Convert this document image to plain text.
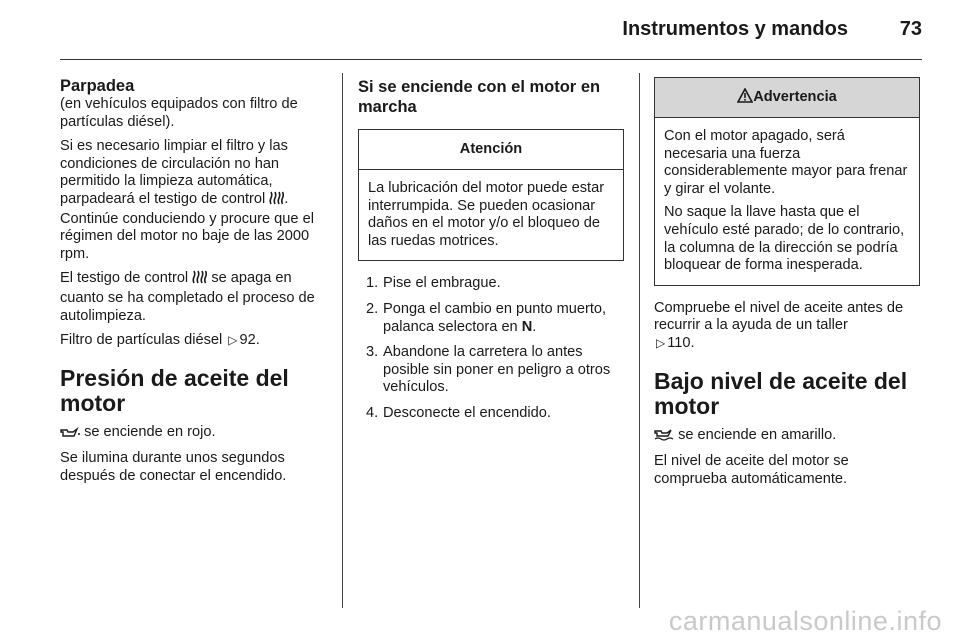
Instrumentos y mandos	73
Parpadea

(en vehículos equipados con filtro de partículas diésel).

Si es necesario limpiar el filtro y las condiciones de circulación no han permitido la limpieza automática, parpadeará el testigo de control . Continúe conduciendo y procure que el régimen del motor no baje de las 2000 rpm.

El testigo de control se apaga en cuanto se ha completado el proceso de autolimpieza.

Filtro de partículas diésel ▷ 92.

Presión de aceite del motor

se enciende en rojo.

Se ilumina durante unos segundos después de conectar el encendido.

Si se enciende con el motor en marcha
Atención

La lubricación del motor puede estar interrumpida. Se pueden ocasionar daños en el motor y/o el bloqueo de las ruedas motrices.

1. Pise el embrague.
2. Ponga el cambio en punto muerto, palanca selectora en N.
3. Abandone la carretera lo antes posible sin poner en peligro a otros vehículos.
4. Desconecte el encendido.
Advertencia

Con el motor apagado, será necesaria una fuerza considerablemente mayor para frenar y girar el volante.

No saque la llave hasta que el vehículo esté parado; de lo contrario, la columna de la dirección se podría bloquear de forma inesperada.

Compruebe el nivel de aceite antes de recurrir a la ayuda de un taller
▷ 110.

Bajo nivel de aceite del motor

se enciende en amarillo.

El nivel de aceite del motor se comprueba automáticamente.

carmanualsonline.info
